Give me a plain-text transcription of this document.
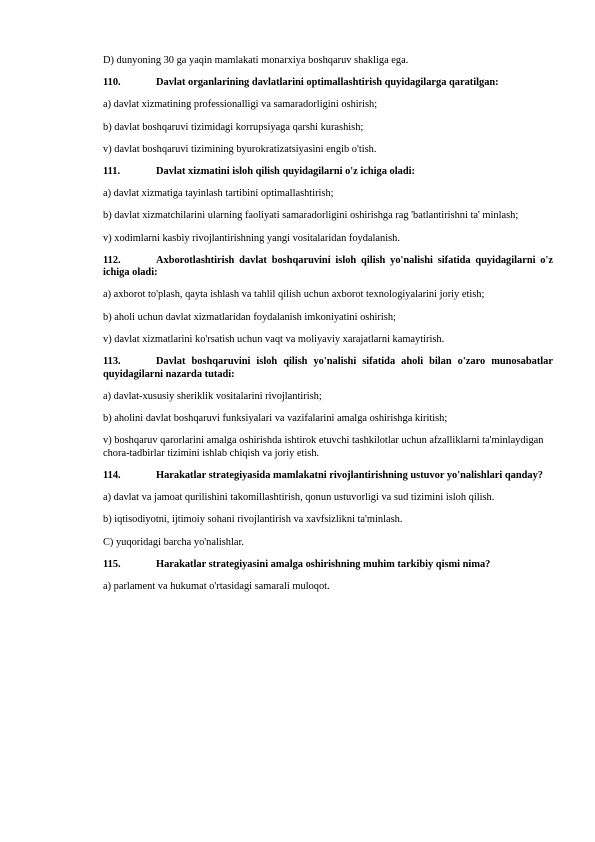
D) dunyoning 30 ga yaqin mamlakati monarxiya boshqaruv shakliga ega.

110.	Davlat organlarining davlatlarini optimallashtirish quyidagilarga qaratilgan:

a) davlat xizmatining professionalligi va samaradorligini oshirish;

b) davlat boshqaruvi tizimidagi korrupsiyaga qarshi kurashish;

v) davlat boshqaruvi tizimining byurokratizatsiyasini engib o'tish.

111.	Davlat xizmatini isloh qilish quyidagilarni o'z ichiga oladi:

a) davlat xizmatiga tayinlash tartibini optimallashtirish;

b) davlat xizmatchilarini ularning faoliyati samaradorligini oshirishga rag 'batlantirishni ta' minlash;

v) xodimlarni kasbiy rivojlantirishning yangi vositalaridan foydalanish.

112.	Axborotlashtirish davlat boshqaruvini isloh qilish yo'nalishi sifatida quyidagilarni o'z ichiga oladi:

a) axborot to'plash, qayta ishlash va tahlil qilish uchun axborot texnologiyalarini joriy etish;

b) aholi uchun davlat xizmatlaridan foydalanish imkoniyatini oshirish;

v) davlat xizmatlarini ko'rsatish uchun vaqt va moliyaviy xarajatlarni kamaytirish.

113.	Davlat boshqaruvini isloh qilish yo'nalishi sifatida aholi bilan o'zaro munosabatlar quyidagilarni nazarda tutadi:

a) davlat-xususiy sheriklik vositalarini rivojlantirish;

b) aholini davlat boshqaruvi funksiyalari va vazifalarini amalga oshirishga kiritish;

v) boshqaruv qarorlarini amalga oshirishda ishtirok etuvchi tashkilotlar uchun afzalliklarni ta'minlaydigan chora-tadbirlar tizimini ishlab chiqish va joriy etish.

114.	Harakatlar strategiyasida mamlakatni rivojlantirishning ustuvor yo'nalishlari qanday?

a) davlat va jamoat qurilishini takomillashtirish, qonun ustuvorligi va sud tizimini isloh qilish.

b) iqtisodiyotni, ijtimoiy sohani rivojlantirish va xavfsizlikni ta'minlash.

C) yuqoridagi barcha yo'nalishlar.

115.	Harakatlar strategiyasini amalga oshirishning muhim tarkibiy qismi nima?

a) parlament va hukumat o'rtasidagi samarali muloqot.
